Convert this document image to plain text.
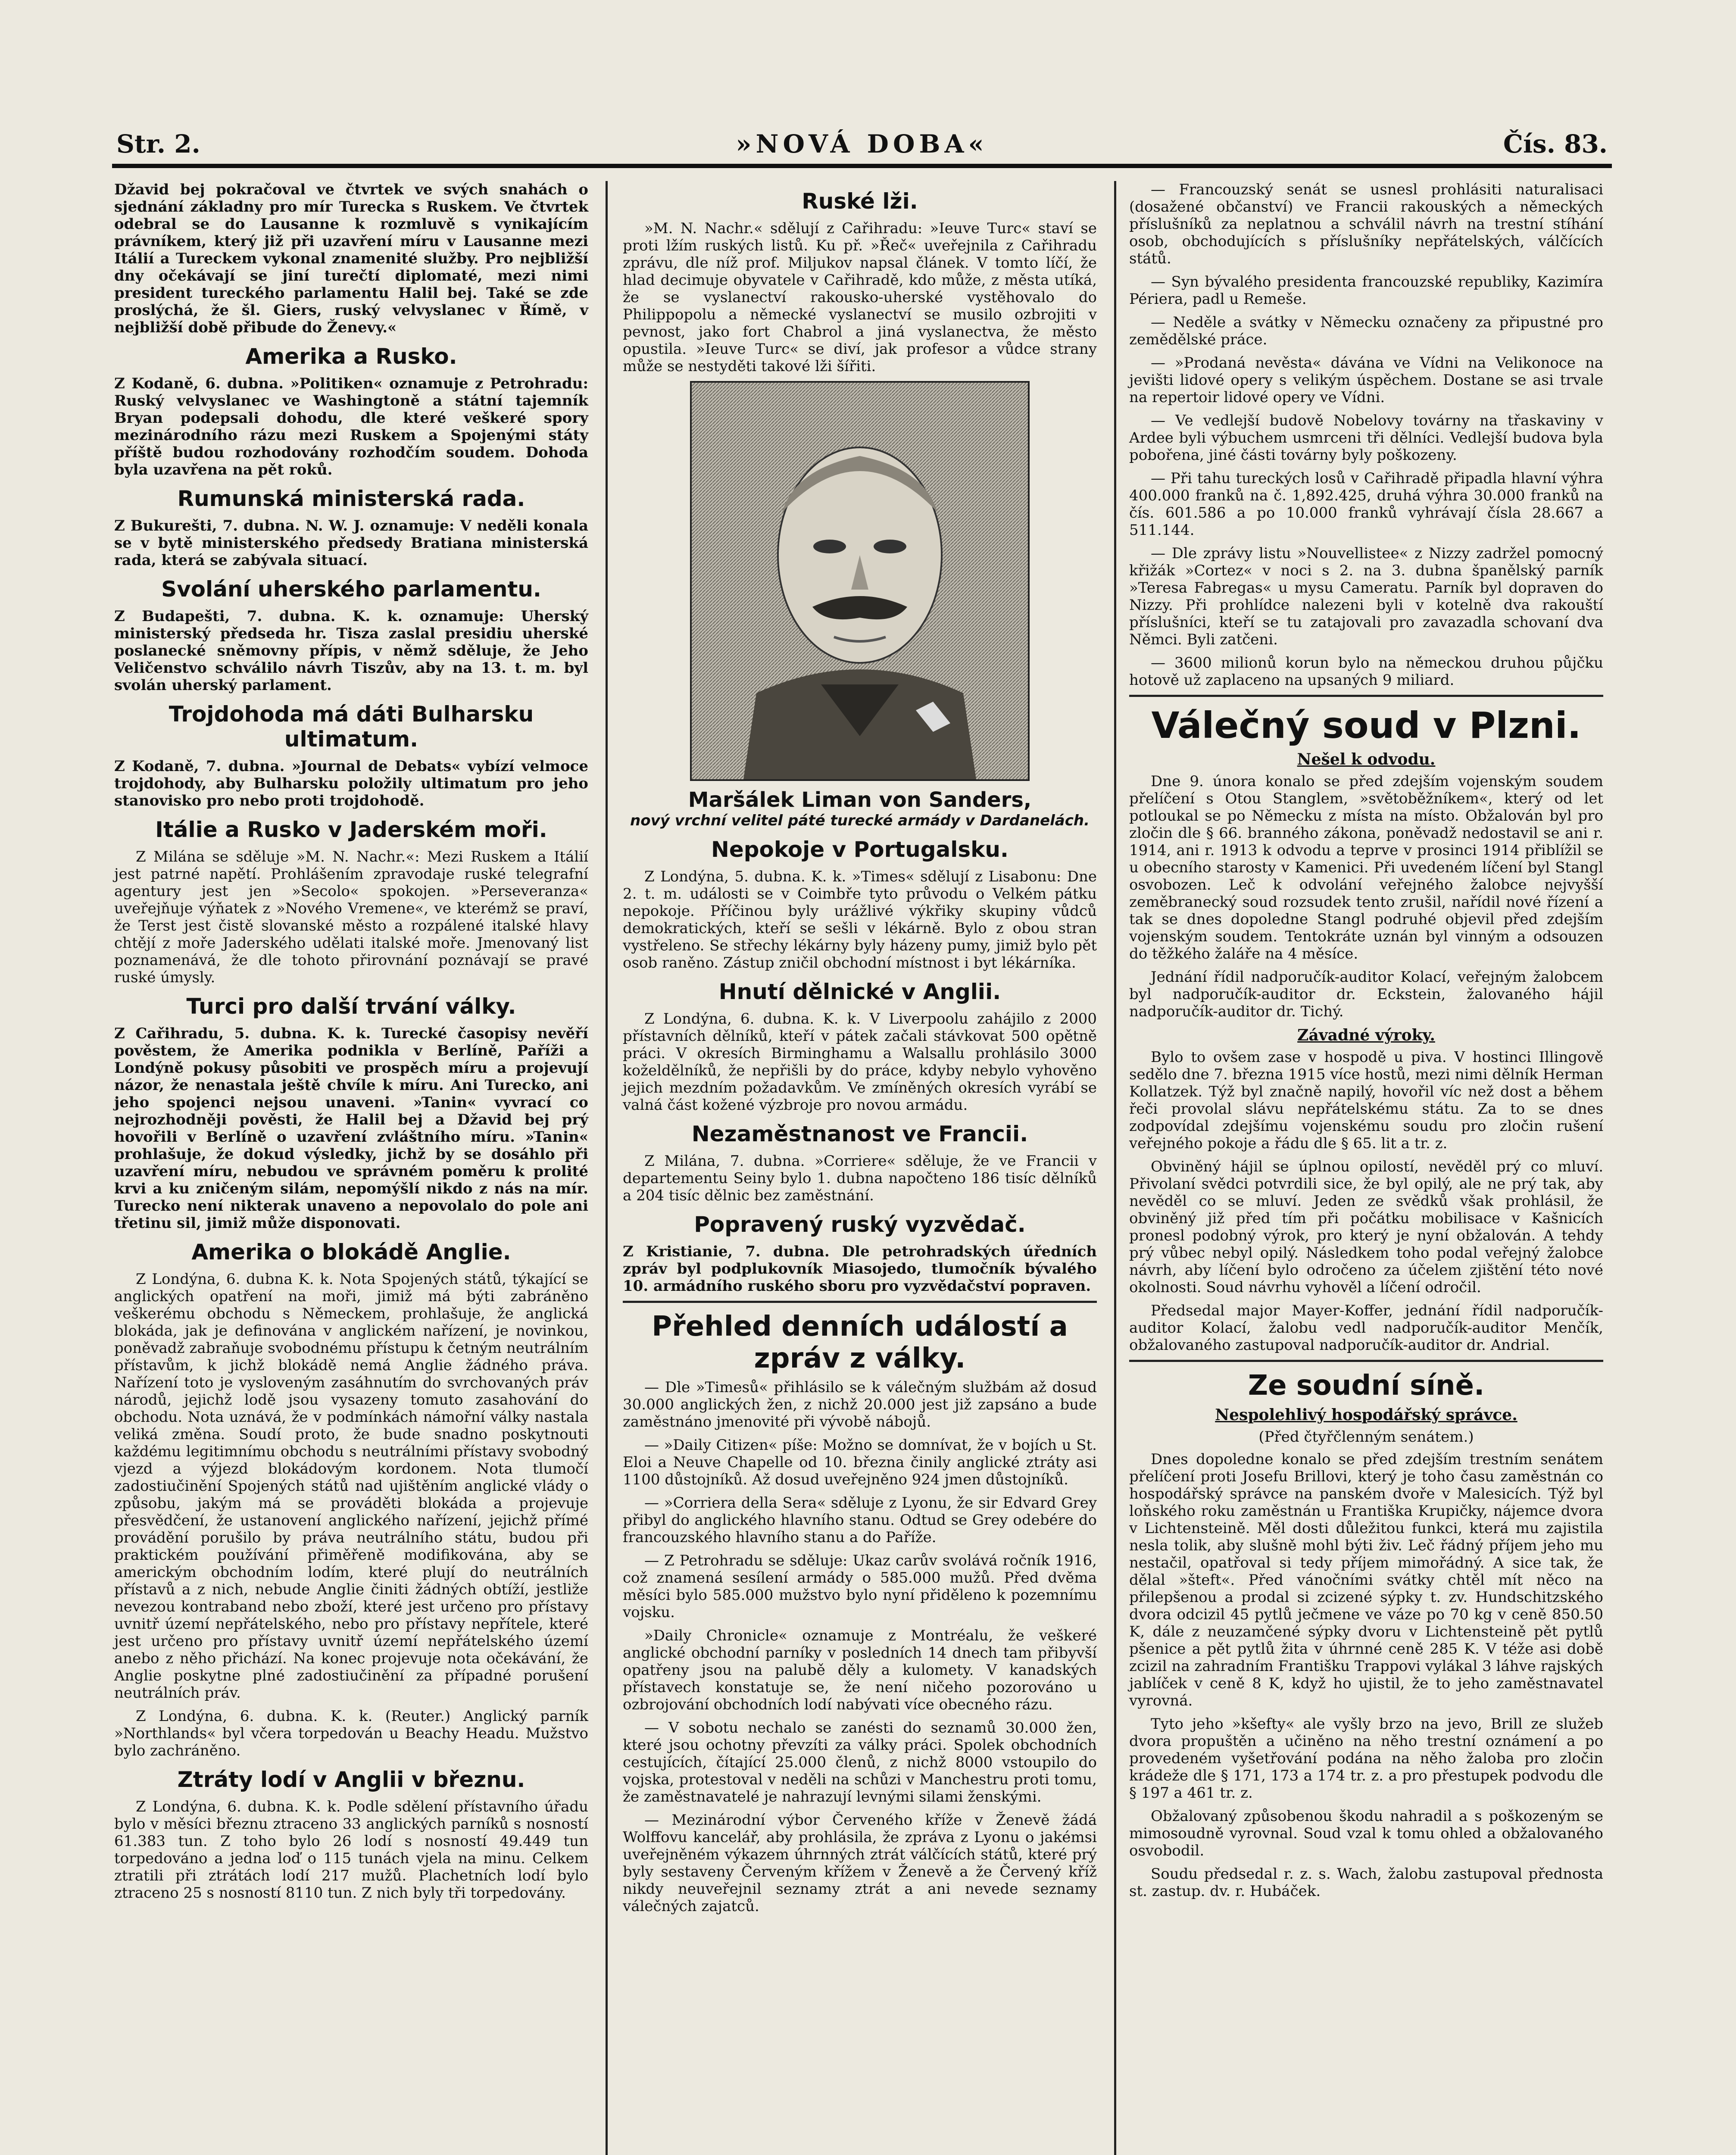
Str. 2.	»NOVÁ DOBA«	Čís. 83.

Džavid bej pokračoval ve čtvrtek ve svých snahách o sjednání základny pro mír Turecka s Ruskem. Ve čtvrtek odebral se do Lausanne k rozmluvě s vynikajícím právníkem, který již při uzavření míru v Lausanne mezi Itálií a Tureckem vykonal znamenité služby. Pro nejbližší dny očekávají se jiní turečtí diplomaté, mezi nimi president tureckého parlamentu Halil bej. Také se zde proslýchá, že šl. Giers, ruský velvyslanec v Římě, v nejbližší době přibude do Ženevy.«

Amerika a Rusko.

Z Kodaně, 6. dubna. »Politiken« oznamuje z Petrohradu: Ruský velvyslanec ve Washingtoně a státní tajemník Bryan podepsali dohodu, dle které veškeré spory mezinárodního rázu mezi Ruskem a Spojenými státy příště budou rozhodovány rozhodčím soudem. Dohoda byla uzavřena na pět roků.

Rumunská ministerská rada.

Z Bukurešti, 7. dubna. N. W. J. oznamuje: V neděli konala se v bytě ministerského předsedy Bratiana ministerská rada, která se zabývala situací.

Svolání uherského parlamentu.

Z Budapešti, 7. dubna. K. k. oznamuje: Uherský ministerský předseda hr. Tisza zaslal presidiu uherské poslanecké sněmovny přípis, v němž sděluje, že Jeho Veličenstvo schválilo návrh Tiszův, aby na 13. t. m. byl svolán uherský parlament.

Trojdohoda má dáti Bulharsku ultimatum.

Z Kodaně, 7. dubna. »Journal de Debats« vybízí velmoce trojdohody, aby Bulharsku položily ultimatum pro jeho stanovisko pro nebo proti trojdohodě.

Itálie a Rusko v Jaderském moři.

Z Milána se sděluje »M. N. Nachr.«: Mezi Ruskem a Itálií jest patrné napětí. Prohlášením zpravodaje ruské telegrafní agentury jest jen »Secolo« spokojen. »Perseveranza« uveřejňuje výňatek z »Nového Vremene«, ve kterémž se praví, že Terst jest čistě slovanské město a rozpálené italské hlavy chtějí z moře Jaderského udělati italské moře. Jmenovaný list poznamenává, že dle tohoto přirovnání poznávají se pravé ruské úmysly.

Turci pro další trvání války.

Z Cařihradu, 5. dubna. K. k. Turecké časopisy nevěří pověstem, že Amerika podnikla v Berlíně, Paříži a Londýně pokusy působiti ve prospěch míru a projevují názor, že nenastala ještě chvíle k míru. Ani Turecko, ani jeho spojenci nejsou unaveni. »Tanin« vyvrací co nejrozhodněji pověsti, že Halil bej a Džavid bej prý hovořili v Berlíně o uzavření zvláštního míru. »Tanin« prohlašuje, že dokud výsledky, jichž by se dosáhlo při uzavření míru, nebudou ve správném poměru k prolité krvi a ku zničeným silám, nepomýšlí nikdo z nás na mír. Turecko není nikterak unaveno a nepovolalo do pole ani třetinu sil, jimiž může disponovati.

Amerika o blokádě Anglie.

Z Londýna, 6. dubna K. k. Nota Spojených států, týkající se anglických opatření na moři, jimiž má býti zabráněno veškerému obchodu s Německem, prohlašuje, že anglická blokáda, jak je definována v anglickém nařízení, je novinkou, poněvadž zabraňuje svobodnému přístupu k četným neutrálním přístavům, k jichž blokádě nemá Anglie žádného práva. Nařízení toto je vysloveným zasáhnutím do svrchovaných práv národů, jejichž lodě jsou vysazeny tomuto zasahování do obchodu. Nota uznává, že v podmínkách námořní války nastala veliká změna. Soudí proto, že bude snadno poskytnouti každému legitimnímu obchodu s neutrálními přístavy svobodný vjezd a výjezd blokádovým kordonem. Nota tlumočí zadostiučinění Spojených států nad ujištěním anglické vlády o způsobu, jakým má se prováděti blokáda a projevuje přesvědčení, že ustanovení anglického nařízení, jejichž přímé provádění porušilo by práva neutrálního státu, budou při praktickém používání přiměřeně modifikována, aby se americkým obchodním lodím, které plují do neutrálních přístavů a z nich, nebude Anglie činiti žádných obtíží, jestliže nevezou kontraband nebo zboží, které jest určeno pro přístavy uvnitř území nepřátelského, nebo pro přístavy nepřítele, které jest určeno pro přístavy uvnitř území nepřátelského území anebo z něho přichází. Na konec projevuje nota očekávání, že Anglie poskytne plné zadostiučinění za případné porušení neutrálních práv.

Z Londýna, 6. dubna. K. k. (Reuter.) Anglický parník »Northlands« byl včera torpedován u Beachy Headu. Mužstvo bylo zachráněno.

Ztráty lodí v Anglii v březnu.

Z Londýna, 6. dubna. K. k. Podle sdělení přístavního úřadu bylo v měsíci březnu ztraceno 33 anglických parníků s nosností 61.383 tun. Z toho bylo 26 lodí s nosností 49.449 tun torpedováno a jedna loď o 115 tunách vjela na minu. Celkem ztratili při ztrátách lodí 217 mužů. Plachetních lodí bylo ztraceno 25 s nosností 8110 tun. Z nich byly tři torpedovány.

Ruské lži.

»M. N. Nachr.« sdělují z Cařihradu: »Ieuve Turc« staví se proti lžím ruských listů. Ku př. »Řeč« uveřejnila z Cařihradu zprávu, dle níž prof. Miljukov napsal článek. V tomto líčí, že hlad decimuje obyvatele v Cařihradě, kdo může, z města utíká, že se vyslanectví rakousko-uherské vystěhovalo do Philippopolu a německé vyslanectví se musilo ozbrojiti v pevnost, jako fort Chabrol a jiná vyslanectva, že město opustila. »Ieuve Turc« se diví, jak profesor a vůdce strany může se nestyděti takové lži šířiti.

Maršálek Liman von Sanders,
nový vrchní velitel páté turecké armády v Dardanelách.
Nepokoje v Portugalsku.

Z Londýna, 5. dubna. K. k. »Times« sdělují z Lisabonu: Dne 2. t. m. události se v Coimbře tyto průvodu o Velkém pátku nepokoje. Příčinou byly urážlivé výkřiky skupiny vůdců demokratických, kteří se sešli v lékárně. Bylo z obou stran vystřeleno. Se střechy lékárny byly házeny pumy, jimiž bylo pět osob raněno. Zástup zničil obchodní místnost i byt lékárníka.

Hnutí dělnické v Anglii.

Z Londýna, 6. dubna. K. k. V Liverpoolu zahájilo z 2000 přístavních dělníků, kteří v pátek začali stávkovat 500 opětně práci. V okresích Birminghamu a Walsallu prohlásilo 3000 koželdělníků, že nepřišli by do práce, kdyby nebylo vyhověno jejich mezdním požadavkům. Ve zmíněných okresích vyrábí se valná část kožené výzbroje pro novou armádu.

Nezaměstnanost ve Francii.

Z Milána, 7. dubna. »Corriere« sděluje, že ve Francii v departementu Seiny bylo 1. dubna napočteno 186 tisíc dělníků a 204 tisíc dělnic bez zaměstnání.

Popravený ruský vyzvědač.

Z Kristianie, 7. dubna. Dle petrohradských úředních zpráv byl podplukovník Miasojedo, tlumočník bývalého 10. armádního ruského sboru pro vyzvědačství popraven.

Přehled denních událostí a zpráv z války.

— Dle »Timesů« přihlásilo se k válečným službám až dosud 30.000 anglických žen, z nichž 20.000 jest již zapsáno a bude zaměstnáno jmenovité při vývobě nábojů.

— »Daily Citizen« píše: Možno se domnívat, že v bojích u St. Eloi a Neuve Chapelle od 10. března činily anglické ztráty asi 1100 důstojníků. Až dosud uveřejněno 924 jmen důstojníků.

— »Corriera della Sera« sděluje z Lyonu, že sir Edvard Grey přibyl do anglického hlavního stanu. Odtud se Grey odebére do francouzského hlavního stanu a do Paříže.

— Z Petrohradu se sděluje: Ukaz carův svolává ročník 1916, což znamená sesílení armády o 585.000 mužů. Před dvěma měsíci bylo 585.000 mužstvo bylo nyní přiděleno k pozemnímu vojsku.

»Daily Chronicle« oznamuje z Montréalu, že veškeré anglické obchodní parníky v posledních 14 dnech tam přibyvší opatřeny jsou na palubě děly a kulomety. V kanadských přístavech konstatuje se, že není ničeho pozorováno u ozbrojování obchodních lodí nabývati více obecného rázu.

— V sobotu nechalo se zanésti do seznamů 30.000 žen, které jsou ochotny převzíti za války práci. Spolek obchodních cestujících, čítající 25.000 členů, z nichž 8000 vstoupilo do vojska, protestoval v neděli na schůzi v Manchestru proti tomu, že zaměstnavatelé je nahrazují levnými silami ženskými.

— Mezinárodní výbor Červeného kříže v Ženevě žádá Wolffovu kancelář, aby prohlásila, že zpráva z Lyonu o jakémsi uveřejněném výkazem úhrnných ztrát válčících států, které prý byly sestaveny Červeným křížem v Ženevě a že Červený kříž nikdy neuveřejnil seznamy ztrát a ani nevede seznamy válečných zajatců.

— Francouzský senát se usnesl prohlásiti naturalisaci (dosažené občanství) ve Francii rakouských a německých příslušníků za neplatnou a schválil návrh na trestní stíhání osob, obchodujících s příslušníky nepřátelských, válčících států.

— Syn bývalého presidenta francouzské republiky, Kazimíra Périera, padl u Remeše.

— Neděle a svátky v Německu označeny za připustné pro zemědělské práce.

— »Prodaná nevěsta« dávána ve Vídni na Velikonoce na jevišti lidové opery s velikým úspěchem. Dostane se asi trvale na repertoir lidové opery ve Vídni.

— Ve vedlejší budově Nobelovy továrny na třaskaviny v Ardee byli výbuchem usmrceni tři dělníci. Vedlejší budova byla pobořena, jiné části továrny byly poškozeny.

— Při tahu tureckých losů v Cařihradě připadla hlavní výhra 400.000 franků na č. 1,892.425, druhá výhra 30.000 franků na čís. 601.586 a po 10.000 franků vyhrávají čísla 28.667 a 511.144.

— Dle zprávy listu »Nouvellistee« z Nizzy zadržel pomocný křižák »Cortez« v noci s 2. na 3. dubna španělský parník »Teresa Fabregas« u mysu Cameratu. Parník byl dopraven do Nizzy. Při prohlídce nalezeni byli v kotelně dva rakouští příslušníci, kteří se tu zatajovali pro zavazadla schovaní dva Němci. Byli zatčeni.

— 3600 milionů korun bylo na německou druhou půjčku hotově už zaplaceno na upsaných 9 miliard.

Válečný soud v Plzni.
Nešel k odvodu.

Dne 9. února konalo se před zdejším vojenským soudem přelíčení s Otou Stanglem, »světoběžníkem«, který od let potloukal se po Německu z místa na místo. Obžalován byl pro zločin dle § 66. branného zákona, poněvadž nedostavil se ani r. 1914, ani r. 1913 k odvodu a teprve v prosinci 1914 přiblížil se u obecního starosty v Kamenici. Při uvedeném líčení byl Stangl osvobozen. Leč k odvolání veřejného žalobce nejvyšší zeměbranecký soud rozsudek tento zrušil, nařídil nové řízení a tak se dnes dopoledne Stangl podruhé objevil před zdejším vojenským soudem. Tentokráte uznán byl vinným a odsouzen do těžkého žaláře na 4 měsíce.

Jednání řídil nadporučík-auditor Kolací, veřejným žalobcem byl nadporučík-auditor dr. Eckstein, žalovaného hájil nadporučík-auditor dr. Tichý.

Závadné výroky.

Bylo to ovšem zase v hospodě u piva. V hostinci Illingově sedělo dne 7. března 1915 více hostů, mezi nimi dělník Herman Kollatzek. Týž byl značně napilý, hovořil víc než dost a během řeči provolal slávu nepřátelskému státu. Za to se dnes zodpovídal zdejšímu vojenskému soudu pro zločin rušení veřejného pokoje a řádu dle § 65. lit a tr. z.

Obviněný hájil se úplnou opilostí, nevěděl prý co mluví. Přivolaní svědci potvrdili sice, že byl opilý, ale ne prý tak, aby nevěděl co se mluví. Jeden ze svědků však prohlásil, že obviněný již před tím při počátku mobilisace v Kašnicích pronesl podobný výrok, pro který je nyní obžalován. A tehdy prý vůbec nebyl opilý. Následkem toho podal veřejný žalobce návrh, aby líčení bylo odročeno za účelem zjištění této nové okolnosti. Soud návrhu vyhověl a líčení odročil.

Předsedal major Mayer-Koffer, jednání řídil nadporučík-auditor Kolací, žalobu vedl nadporučík-auditor Menčík, obžalovaného zastupoval nadporučík-auditor dr. Andrial.

Ze soudní síně.
Nespolehlivý hospodářský správce.
(Před čtyřčlenným senátem.)

Dnes dopoledne konalo se před zdejším trestním senátem přelíčení proti Josefu Brillovi, který je toho času zaměstnán co hospodářský správce na panském dvoře v Malesicích. Týž byl loňského roku zaměstnán u Františka Krupičky, nájemce dvora v Lichtensteině. Měl dosti důležitou funkci, která mu zajistila nesla tolik, aby slušně mohl býti živ. Leč řádný příjem jeho mu nestačil, opatřoval si tedy příjem mimořádný. A sice tak, že dělal »šteft«. Před vánočními svátky chtěl mít něco na přilepšenou a prodal si zcizené sýpky t. zv. Hundschitzského dvora odcizil 45 pytlů ječmene ve váze po 70 kg v ceně 850.50 K, dále z neuzamčené sýpky dvoru v Lichtensteině pět pytlů pšenice a pět pytlů žita v úhrnné ceně 285 K. V téže asi době zcizil na zahradním Františku Trappovi vylákal 3 láhve rajských jablíček v ceně 8 K, když ho ujistil, že to jeho zaměstnavatel vyrovná.

Tyto jeho »kšefty« ale vyšly brzo na jevo, Brill ze služeb dvora propuštěn a učiněno na něho trestní oznámení a po provedeném vyšetřování podána na něho žaloba pro zločin krádeže dle § 171, 173 a 174 tr. z. a pro přestupek podvodu dle § 197 a 461 tr. z.

Obžalovaný způsobenou škodu nahradil a s poškozeným se mimosoudně vyrovnal. Soud vzal k tomu ohled a obžalovaného osvobodil.

Soudu předsedal r. z. s. Wach, žalobu zastupoval přednosta st. zastup. dv. r. Hubáček.
